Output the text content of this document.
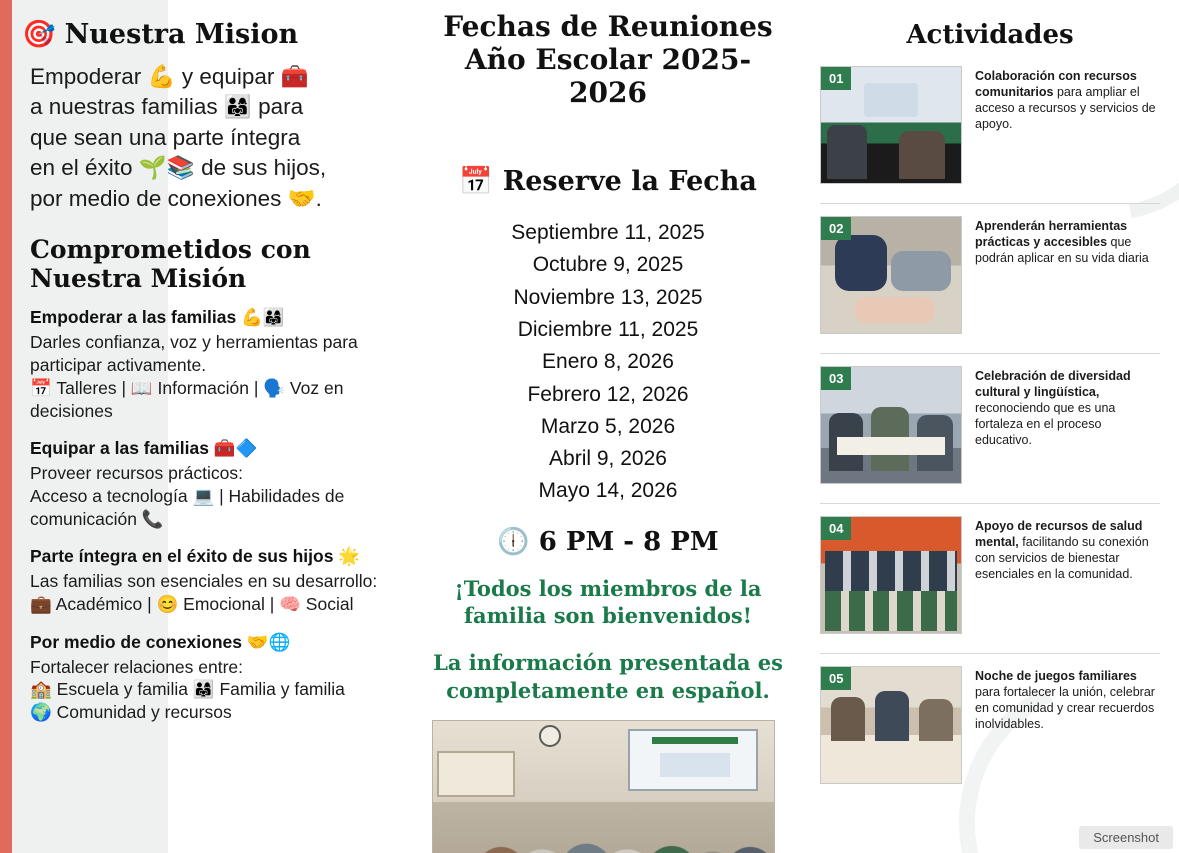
🎯 Nuestra Mision
Empoderar 💪 y equipar 🧰
a nuestras familias 👨‍👩‍👧 para
que sean una parte íntegra
en el éxito 🌱📚 de sus hijos,
por medio de conexiones 🤝.
Comprometidos con Nuestra Misión
Empoderar a las familias 💪👨‍👩‍👧

Darles confianza, voz y herramientas para participar activamente.

📅 Talleres | 📖 Información | 🗣️ Voz en decisiones

Equipar a las familias 🧰🔷

Proveer recursos prácticos:

Acceso a tecnología 💻 | Habilidades de comunicación 📞

Parte íntegra en el éxito de sus hijos 🌟

Las familias son esenciales en su desarrollo:

💼 Académico | 😊 Emocional | 🧠 Social

Por medio de conexiones 🤝🌐

Fortalecer relaciones entre:

🏫 Escuela y familia 👨‍👩‍👧 Familia y familia

🌍 Comunidad y recursos

Fechas de Reuniones
Año Escolar 2025-2026
📅 Reserve la Fecha
Septiembre 11, 2025
Octubre 9, 2025
Noviembre 13, 2025
Diciembre 11, 2025
Enero 8, 2026
Febrero 12, 2026
Marzo 5, 2026
Abril 9, 2026
Mayo 14, 2026
🕕 6 PM - 8 PM
¡Todos los miembros de la familia son bienvenidos!
La información presentada es completamente en español.
Actividades
01	Colaboración con recursos comunitarios para ampliar el acceso a recursos y servicios de apoyo.
02	Aprenderán herramientas prácticas y accesibles que podrán aplicar en su vida diaria
03	Celebración de diversidad cultural y lingüística, reconociendo que es una fortaleza en el proceso educativo.
04	Apoyo de recursos de salud mental, facilitando su conexión con servicios de bienestar esenciales en la comunidad.
05	Noche de juegos familiares para fortalecer la unión, celebrar en comunidad y crear recuerdos inolvidables.
Screenshot
